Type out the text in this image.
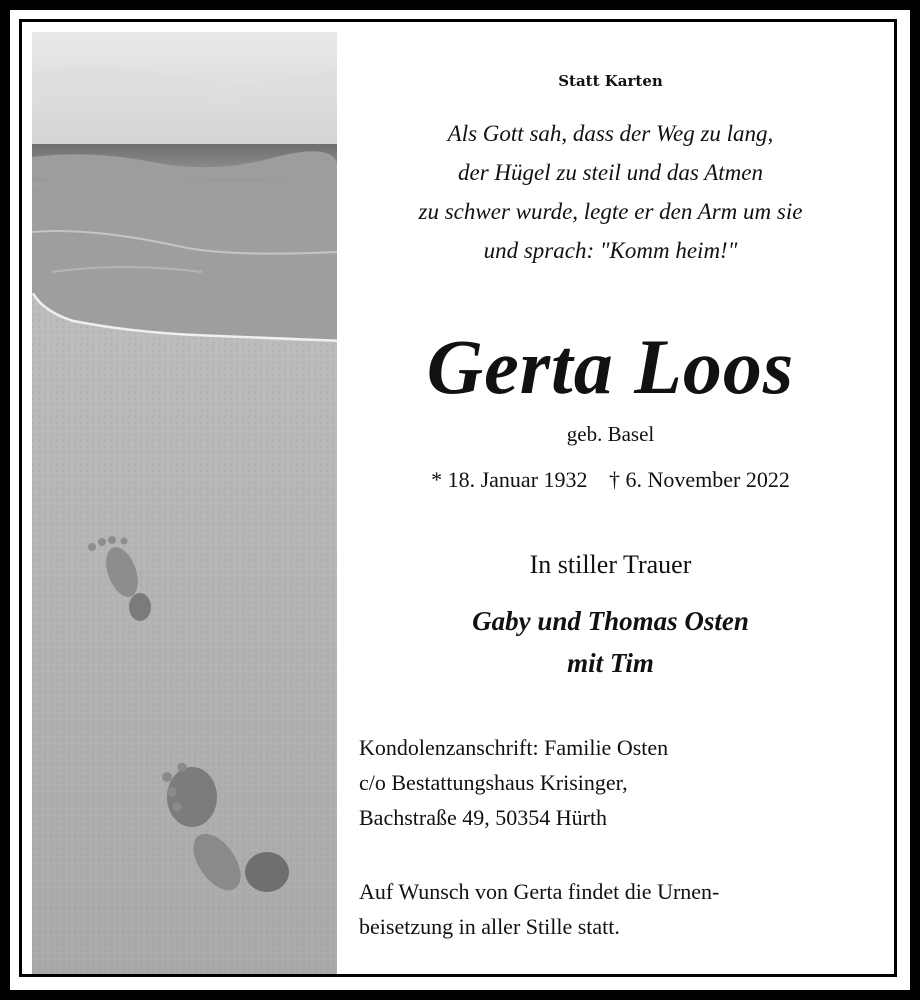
Statt Karten
Als Gott sah, dass der Weg zu lang,
der Hügel zu steil und das Atmen
zu schwer wurde, legte er den Arm um sie
und sprach: "Komm heim!"
Gerta Loos
geb. Basel
* 18. Januar 1932 † 6. November 2022
In stiller Trauer
Gaby und Thomas Osten
mit Tim
Kondolenzanschrift: Familie Osten
c/o Bestattungshaus Krisinger,
Bachstraße 49, 50354 Hürth
Auf Wunsch von Gerta findet die Urnen-
beisetzung in aller Stille statt.
